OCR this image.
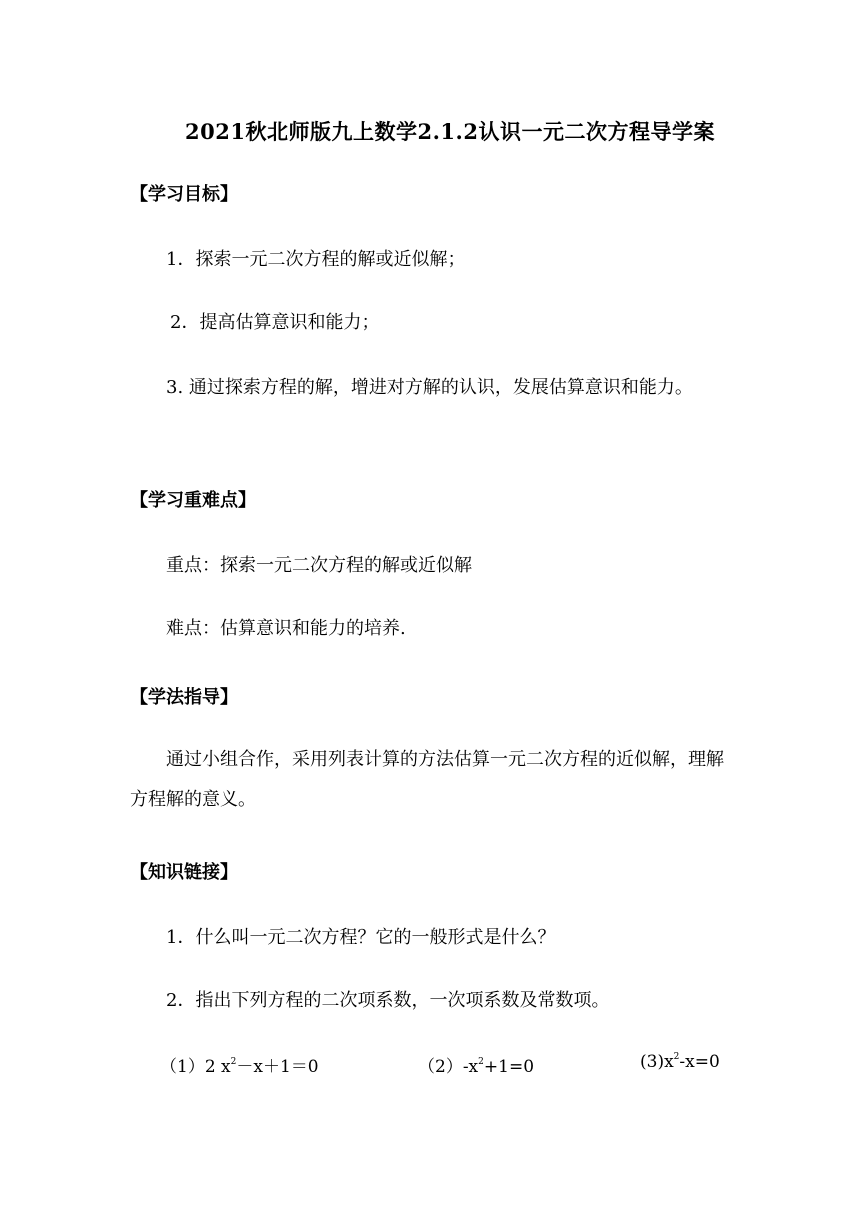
2021秋北师版九上数学2.1.2认识一元二次方程导学案
【学习目标】
1．探索一元二次方程的解或近似解；
2．提高估算意识和能力；
3. 通过探索方程的解，增进对方解的认识，发展估算意识和能力。
【学习重难点】
重点：探索一元二次方程的解或近似解
难点：估算意识和能力的培养.
【学法指导】
通过小组合作，采用列表计算的方法估算一元二次方程的近似解，理解方程解的意义。
【知识链接】
1．什么叫一元二次方程？它的一般形式是什么？
2．指出下列方程的二次项系数，一次项系数及常数项。
（1）2 $x^2-x+1=0$	$(2)-x^2+1=0$	$(3)x^2-x=0$
